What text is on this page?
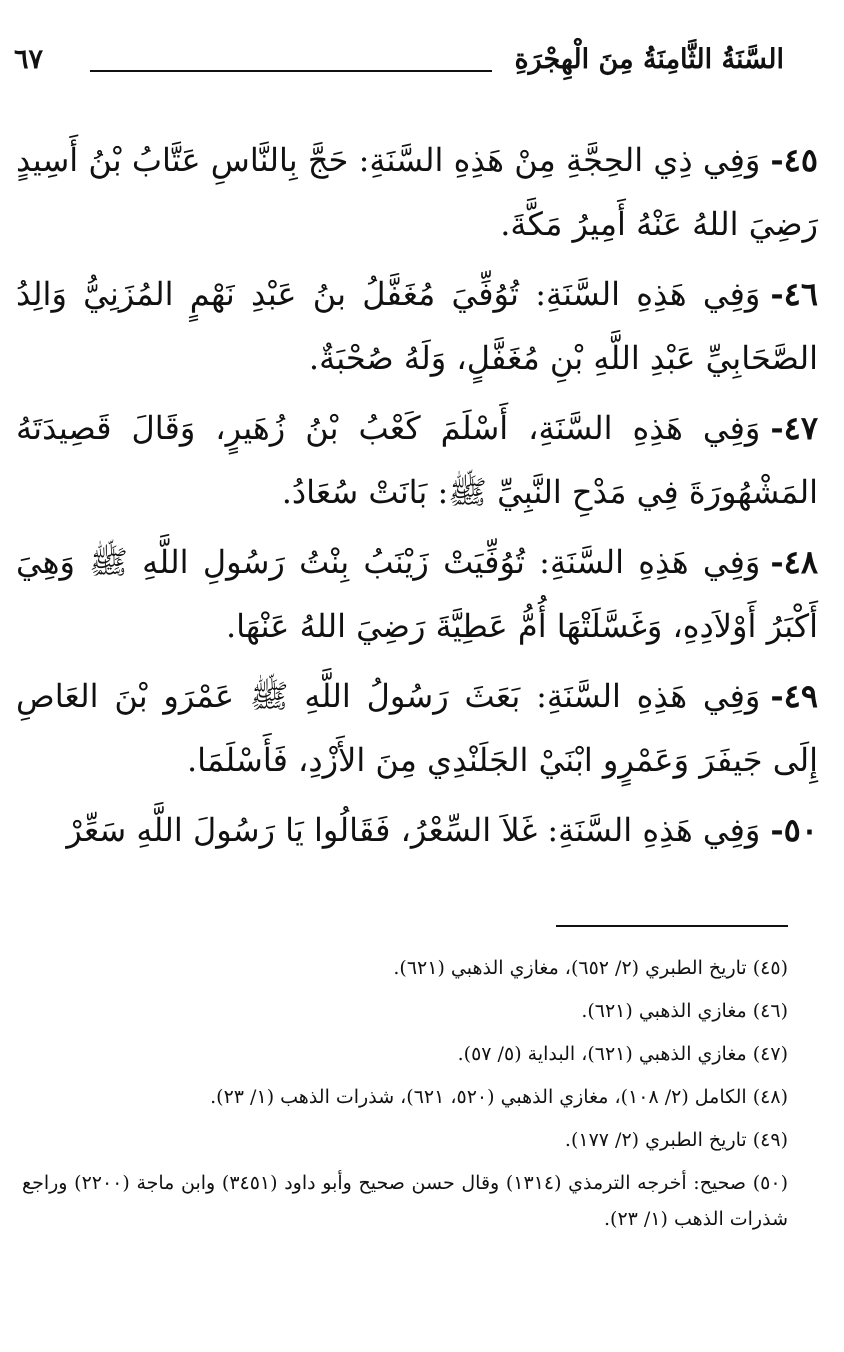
السَّنَةُ الثَّامِنَةُ مِنَ الْهِجْرَةِ
٦٧

٤٥-وَفِي ذِي الحِجَّةِ مِنْ هَذِهِ السَّنَةِ: حَجَّ بِالنَّاسِ عَتَّابُ بْنُ أَسِيدٍ رَضِيَ اللهُ عَنْهُ أَمِيرُ مَكَّةَ.

٤٦-وَفِي هَذِهِ السَّنَةِ: تُوُفِّيَ مُغَفَّلُ بنُ عَبْدِ نَهْمٍ المُزَنِيُّ وَالِدُ الصَّحَابِيِّ عَبْدِ اللَّهِ بْنِ مُغَفَّلٍ، وَلَهُ صُحْبَةٌ.

٤٧-وَفِي هَذِهِ السَّنَةِ، أَسْلَمَ كَعْبُ بْنُ زُهَيرٍ، وَقَالَ قَصِيدَتَهُ المَشْهُورَةَ فِي مَدْحِ النَّبِيِّ ﷺ: بَانَتْ سُعَادُ.

٤٨-وَفِي هَذِهِ السَّنَةِ: تُوُفِّيَتْ زَيْنَبُ بِنْتُ رَسُولِ اللَّهِ ﷺ وَهِيَ أَكْبَرُ أَوْلاَدِهِ، وَغَسَّلَتْهَا أُمُّ عَطِيَّةَ رَضِيَ اللهُ عَنْهَا.

٤٩-وَفِي هَذِهِ السَّنَةِ: بَعَثَ رَسُولُ اللَّهِ ﷺ عَمْرَو بْنَ العَاصِ إِلَى جَيفَرَ وَعَمْرٍو ابْنَيْ الجَلَنْدِي مِنَ الأَزْدِ، فَأَسْلَمَا.

٥٠-وَفِي هَذِهِ السَّنَةِ: غَلاَ السِّعْرُ، فَقَالُوا يَا رَسُولَ اللَّهِ سَعِّرْ

(٤٥) تاريخ الطبري (٢/ ٦٥٢)، مغازي الذهبي (٦٢١).

(٤٦) مغازي الذهبي (٦٢١).

(٤٧) مغازي الذهبي (٦٢١)، البداية (٥/ ٥٧).

(٤٨) الكامل (٢/ ١٠٨)، مغازي الذهبي (٥٢٠، ٦٢١)، شذرات الذهب (١/ ٢٣).

(٤٩) تاريخ الطبري (٢/ ١٧٧).

(٥٠) صحيح: أخرجه الترمذي (١٣١٤) وقال حسن صحيح وأبو داود (٣٤٥١) وابن ماجة (٢٢٠٠) وراجع شذرات الذهب (١/ ٢٣).
